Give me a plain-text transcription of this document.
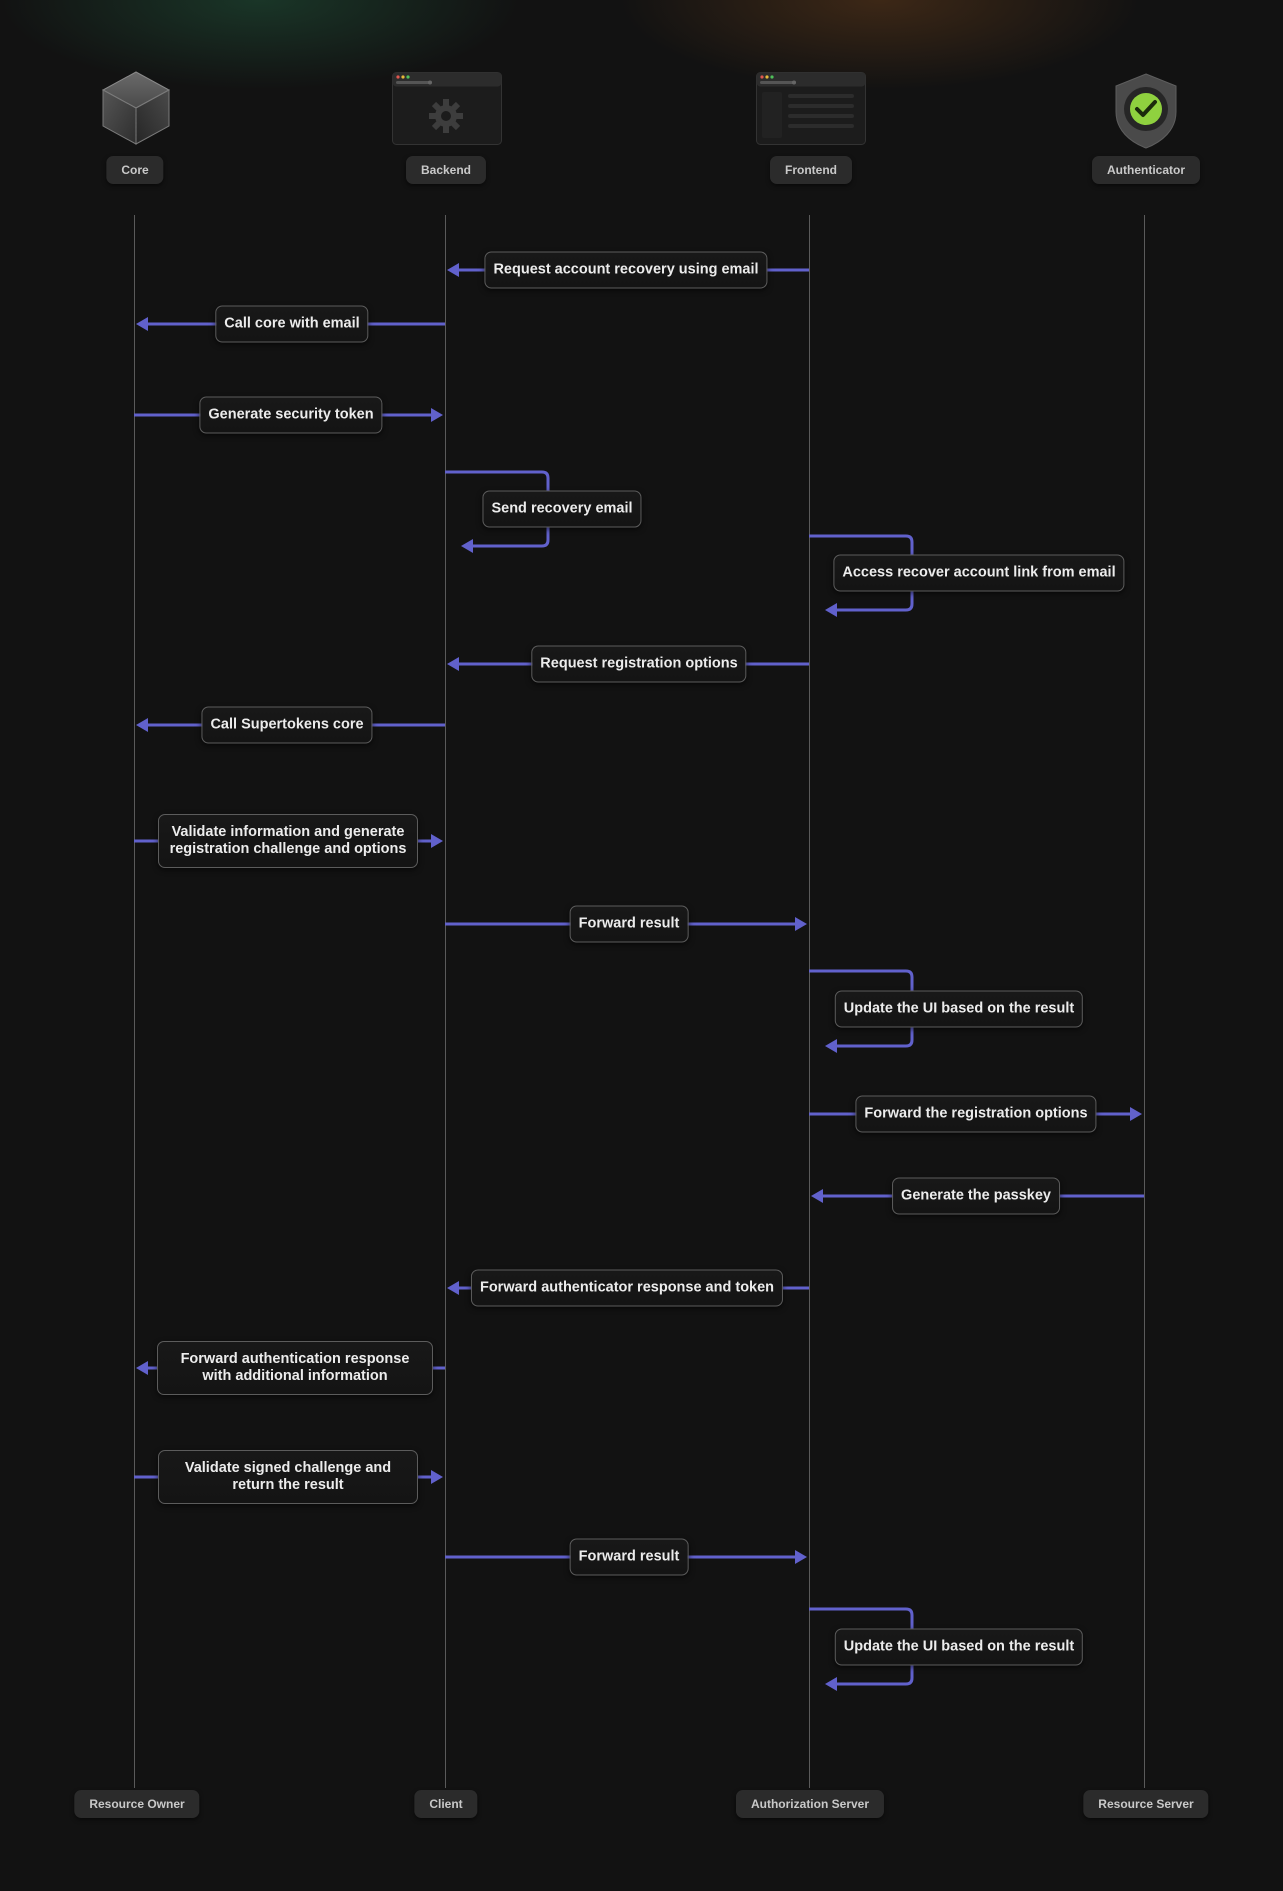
Core	Backend	Frontend	Authenticator
Request account recovery using email
Call core with email
Generate security token
Send recovery email
Access recover account link from email
Request registration options
Call Supertokens core
Validate information and generate registration challenge and options
Forward result
Update the UI based on the result
Forward the registration options
Generate the passkey
Forward authenticator response and token
Forward authentication response with additional information
Validate signed challenge and return the result
Forward result
Update the UI based on the result
Resource Owner	Client	Authorization Server	Resource Server
